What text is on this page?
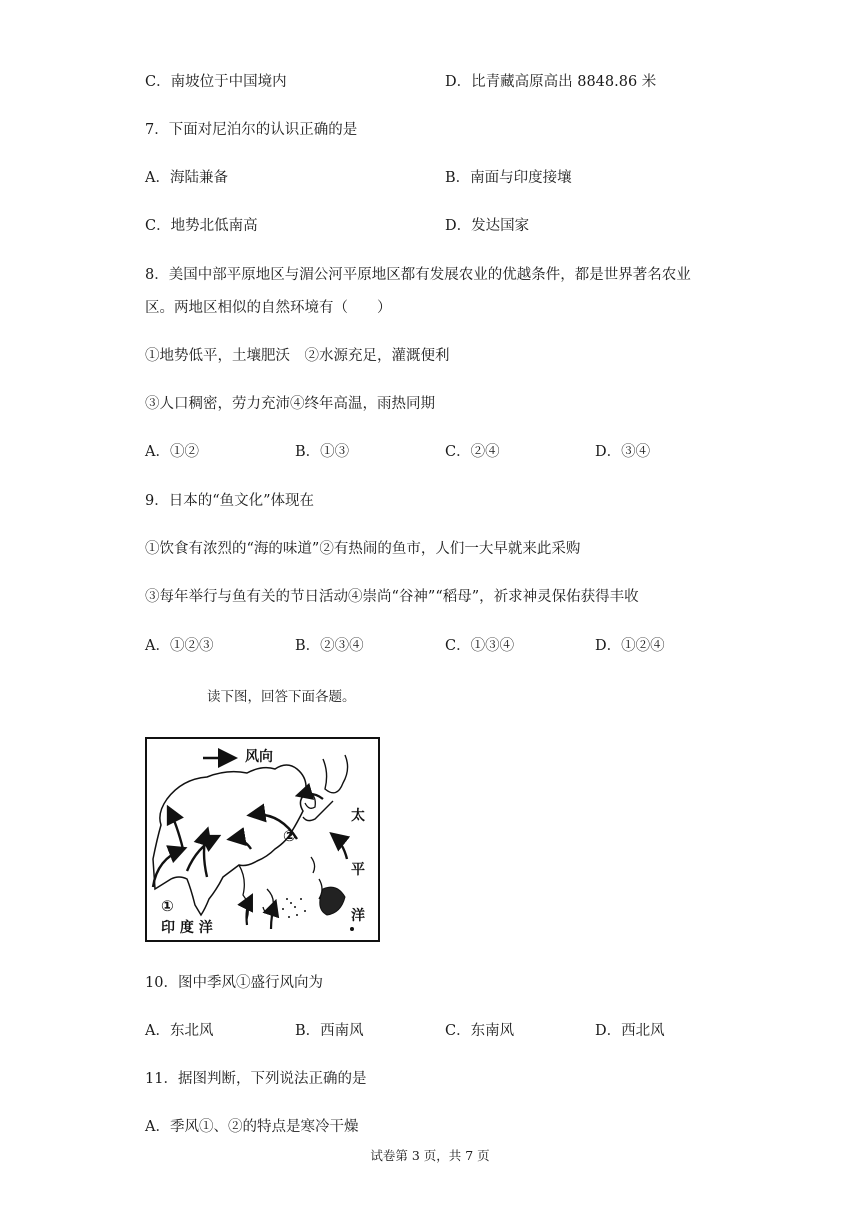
C．南坡位于中国境内	D．比青藏高原高出 8848.86 米
7．下面对尼泊尔的认识正确的是
A．海陆兼备	B．南面与印度接壤
C．地势北低南高	D．发达国家
8．美国中部平原地区与湄公河平原地区都有发展农业的优越条件，都是世界著名农业
区。两地区相似的自然环境有（　　）
①地势低平，土壤肥沃　②水源充足，灌溉便利
③人口稠密，劳力充沛④终年高温，雨热同期
A．①②	B．①③	C．②④	D．③④
9．日本的“鱼文化”体现在
①饮食有浓烈的“海的味道”②有热闹的鱼市，人们一大早就来此采购
③每年举行与鱼有关的节日活动④崇尚“谷神”“稻母”，祈求神灵保佑获得丰收
A．①②③	B．②③④	C．①③④	D．①②④
读下图，回答下面各题。
风向
②
①
印 度 洋
太
平
洋
10．图中季风①盛行风向为
A．东北风	B．西南风	C．东南风	D．西北风
11．据图判断，下列说法正确的是
A．季风①、②的特点是寒冷干燥
试卷第 3 页，共 7 页
